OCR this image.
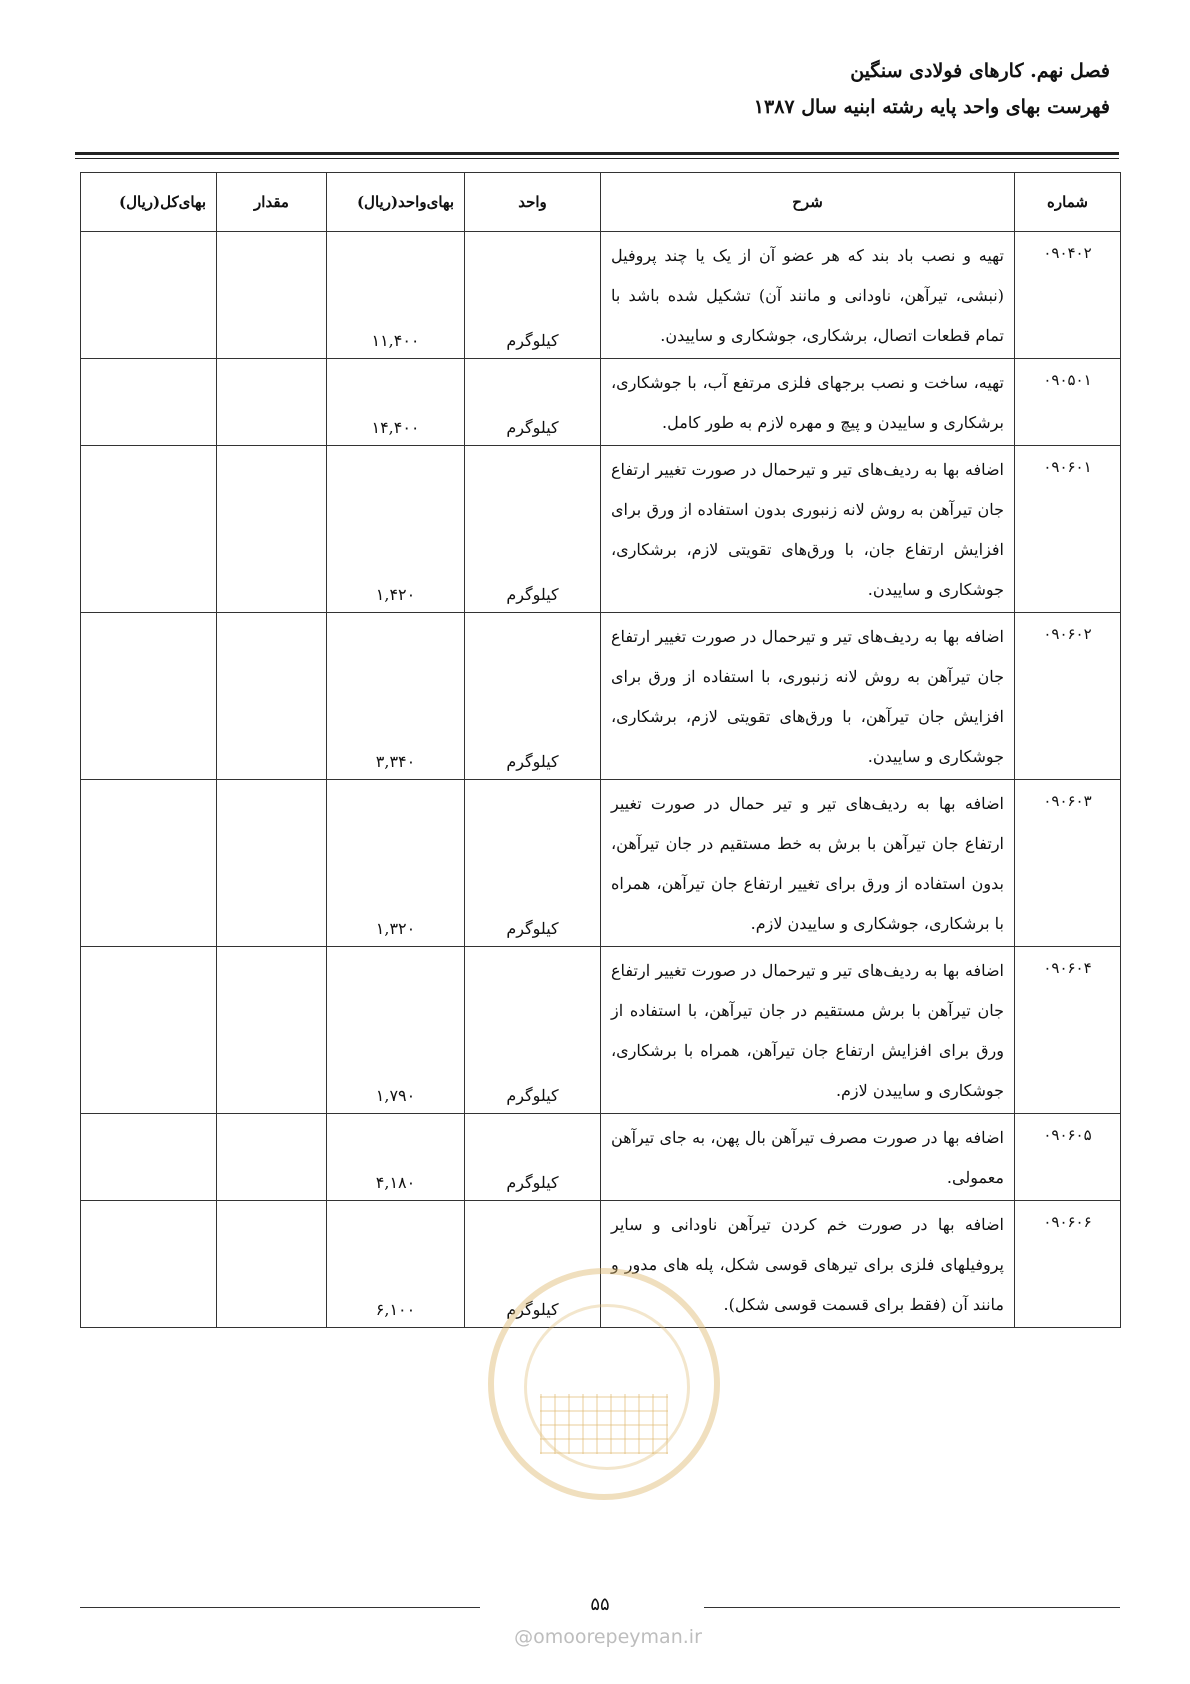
فصل نهم. کارهای فولادی سنگین
فهرست بهای واحد پایه رشته ابنیه سال ۱۳۸۷
شماره	شرح	واحد	بهای‌واحد(ریال)	مقدار	بهای‌کل(ریال)
۰۹۰۴۰۲	تهیه و نصب باد بند که هر عضو آن از یک یا چند پروفیل (نبشی، تیرآهن، ناودانی و مانند آن) تشکیل شده باشد با تمام قطعات اتصال، برشکاری، جوشکاری و ساییدن.	کیلوگرم	۱۱,۴۰۰		
۰۹۰۵۰۱	تهیه، ساخت و نصب برجهای فلزی مرتفع آب، با جوشکاری، برشکاری و ساییدن و پیچ و مهره لازم به طور کامل.	کیلوگرم	۱۴,۴۰۰		
۰۹۰۶۰۱	اضافه بها به ردیف‌های تیر و تیرحمال در صورت تغییر ارتفاع جان تیرآهن به روش لانه زنبوری بدون استفاده از ورق برای افزایش ارتفاع جان، با ورق‌های تقویتی لازم، برشکاری، جوشکاری و ساییدن.	کیلوگرم	۱,۴۲۰		
۰۹۰۶۰۲	اضافه بها به ردیف‌های تیر و تیرحمال در صورت تغییر ارتفاع جان تیرآهن به روش لانه زنبوری، با استفاده از ورق برای افزایش جان تیرآهن، با ورق‌های تقویتی لازم، برشکاری، جوشکاری و ساییدن.	کیلوگرم	۳,۳۴۰		
۰۹۰۶۰۳	اضافه بها به ردیف‌های تیر و تیر حمال در صورت تغییر ارتفاع جان تیرآهن با برش به خط مستقیم در جان تیرآهن، بدون استفاده از ورق برای تغییر ارتفاع جان تیرآهن، همراه با برشکاری، جوشکاری و ساییدن لازم.	کیلوگرم	۱,۳۲۰		
۰۹۰۶۰۴	اضافه بها به ردیف‌های تیر و تیرحمال در صورت تغییر ارتفاع جان تیرآهن با برش مستقیم در جان تیرآهن، با استفاده از ورق برای افزایش ارتفاع جان تیرآهن، همراه با برشکاری، جوشکاری و ساییدن لازم.	کیلوگرم	۱,۷۹۰		
۰۹۰۶۰۵	اضافه بها در صورت مصرف تیرآهن بال پهن، به جای تیرآهن معمولی.	کیلوگرم	۴,۱۸۰		
۰۹۰۶۰۶	اضافه بها در صورت خم کردن تیرآهن ناودانی و سایر پروفیلهای فلزی برای تیرهای قوسی شکل، پله های مدور و مانند آن (فقط برای قسمت قوسی شکل).	کیلوگرم	۶,۱۰۰		
۵۵
@omoorepeyman.ir
